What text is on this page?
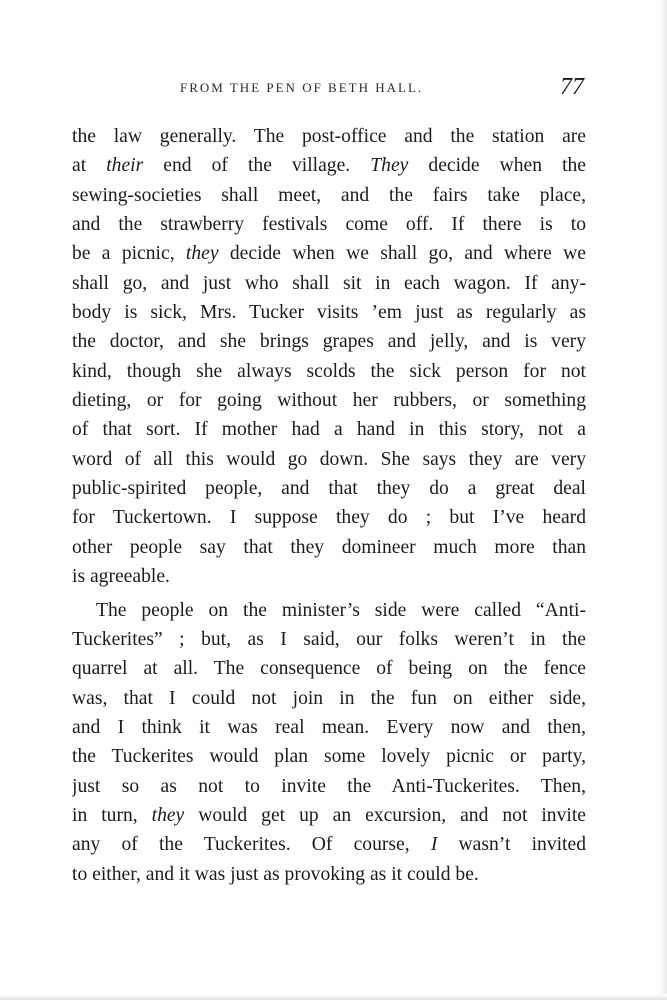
FROM THE PEN OF BETH HALL.	77
the law generally. The post-office and the station are
at their end of the village. They decide when the
sewing-societies shall meet, and the fairs take place,
and the strawberry festivals come off. If there is to
be a picnic, they decide when we shall go, and where we
shall go, and just who shall sit in each wagon. If any-
body is sick, Mrs. Tucker visits ’em just as regularly as
the doctor, and she brings grapes and jelly, and is very
kind, though she always scolds the sick person for not
dieting, or for going without her rubbers, or something
of that sort. If mother had a hand in this story, not a
word of all this would go down. She says they are very
public-spirited people, and that they do a great deal
for Tuckertown. I suppose they do ; but I’ve heard
other people say that they domineer much more than
is agreeable.
The people on the minister’s side were called “Anti-
Tuckerites” ; but, as I said, our folks weren’t in the
quarrel at all. The consequence of being on the fence
was, that I could not join in the fun on either side,
and I think it was real mean. Every now and then,
the Tuckerites would plan some lovely picnic or party,
just so as not to invite the Anti-Tuckerites. Then,
in turn, they would get up an excursion, and not invite
any of the Tuckerites. Of course, I wasn’t invited
to either, and it was just as provoking as it could be.
